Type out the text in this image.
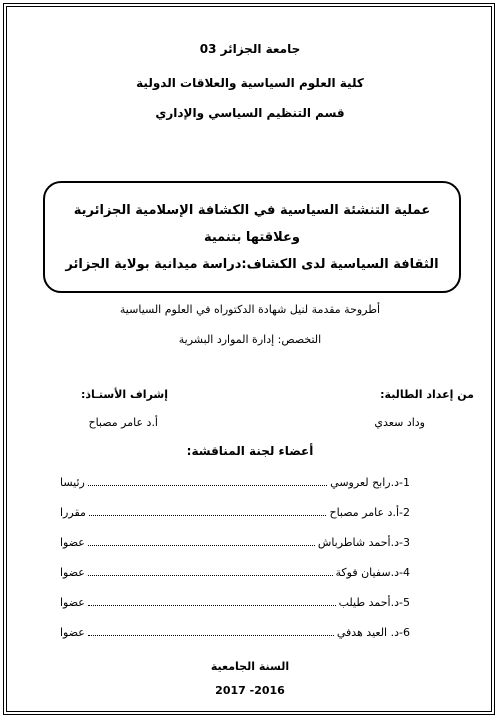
جامعة الجزائر 03
كلية العلوم السياسية والعلاقات الدولية
قسم التنظيم السياسي والإداري
عملية التنشئة السياسية في الكشافة الإسلامية الجزائرية وعلاقتها بتنمية
الثقافة السياسية لدى الكشاف:دراسة ميدانية بولاية الجزائر
أطروحة مقدمة لنيل شهادة الدكتوراه في العلوم السياسية
التخصص: إدارة الموارد البشرية
من إعداد الطالبة:
وداد سعدي
إشراف الأستـاذ:
أ.د عامر مصباح
أعضاء لجنة المناقشة:
1-
د.رابح لعروسي
رئيسا
2-
أ.د عامر مصباح
مقررا
3-
د.أحمد شاطرباش
عضوا
4-
د.سفيان فوكة
عضوا
5-
د.أحمد طيلب
عضوا
6-
د. العيد هدفي
عضوا
السنة الجامعية
2016- 2017
